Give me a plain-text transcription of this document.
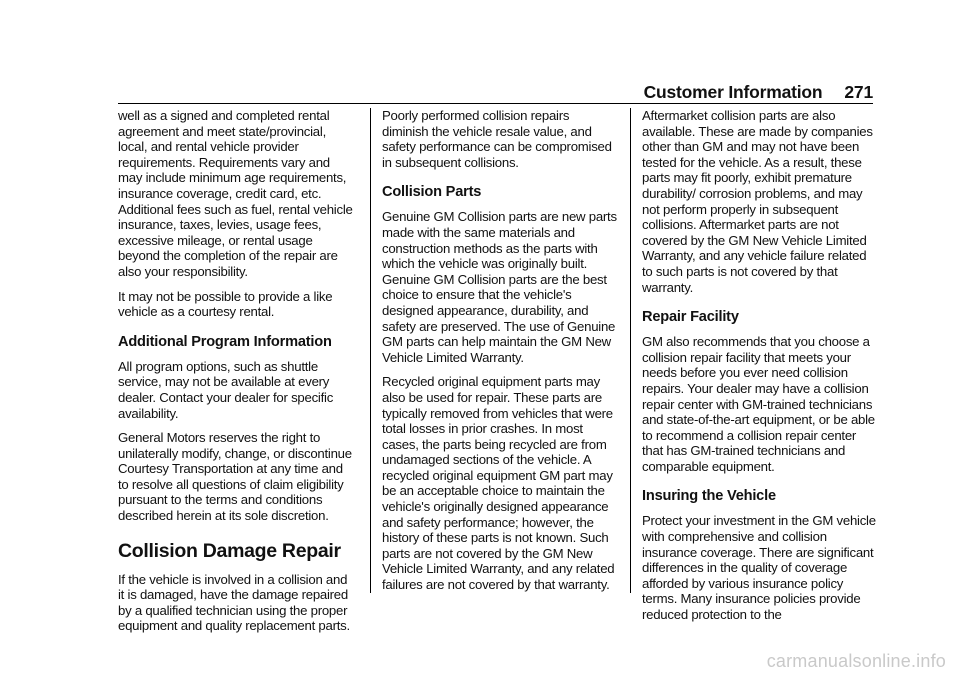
Customer Information 271

well as a signed and completed rental agreement and meet state/provincial, local, and rental vehicle provider requirements. Requirements vary and may include minimum age requirements, insurance coverage, credit card, etc. Additional fees such as fuel, rental vehicle insurance, taxes, levies, usage fees, excessive mileage, or rental usage beyond the completion of the repair are also your responsibility.

It may not be possible to provide a like vehicle as a courtesy rental.

Additional Program Information

All program options, such as shuttle service, may not be available at every dealer. Contact your dealer for specific availability.

General Motors reserves the right to unilaterally modify, change, or discontinue Courtesy Transportation at any time and to resolve all questions of claim eligibility pursuant to the terms and conditions described herein at its sole discretion.

Collision Damage Repair

If the vehicle is involved in a collision and it is damaged, have the damage repaired by a qualified technician using the proper equipment and quality replacement parts.

Poorly performed collision repairs diminish the vehicle resale value, and safety performance can be compromised in subsequent collisions.

Collision Parts

Genuine GM Collision parts are new parts made with the same materials and construction methods as the parts with which the vehicle was originally built. Genuine GM Collision parts are the best choice to ensure that the vehicle's designed appearance, durability, and safety are preserved. The use of Genuine GM parts can help maintain the GM New Vehicle Limited Warranty.

Recycled original equipment parts may also be used for repair. These parts are typically removed from vehicles that were total losses in prior crashes. In most cases, the parts being recycled are from undamaged sections of the vehicle. A recycled original equipment GM part may be an acceptable choice to maintain the vehicle's originally designed appearance and safety performance; however, the history of these parts is not known. Such parts are not covered by the GM New Vehicle Limited Warranty, and any related failures are not covered by that warranty.

Aftermarket collision parts are also available. These are made by companies other than GM and may not have been tested for the vehicle. As a result, these parts may fit poorly, exhibit premature durability/ corrosion problems, and may not perform properly in subsequent collisions. Aftermarket parts are not covered by the GM New Vehicle Limited Warranty, and any vehicle failure related to such parts is not covered by that warranty.

Repair Facility

GM also recommends that you choose a collision repair facility that meets your needs before you ever need collision repairs. Your dealer may have a collision repair center with GM-trained technicians and state-of-the-art equipment, or be able to recommend a collision repair center that has GM-trained technicians and comparable equipment.

Insuring the Vehicle

Protect your investment in the GM vehicle with comprehensive and collision insurance coverage. There are significant differences in the quality of coverage afforded by various insurance policy terms. Many insurance policies provide reduced protection to the

carmanualsonline.info
